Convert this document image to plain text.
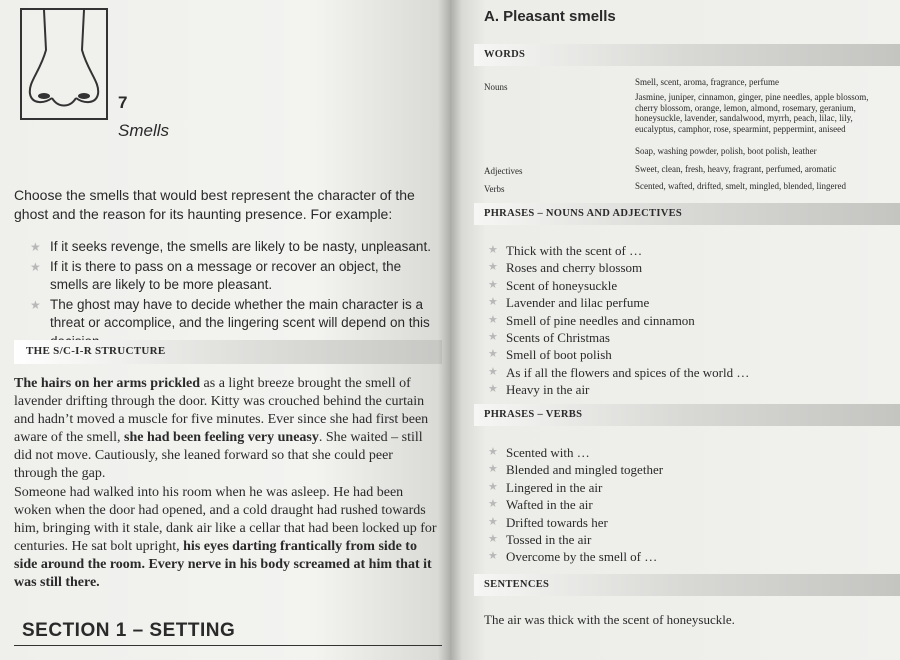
7
Smells
Choose the smells that would best represent the character of the ghost and the reason for its haunting presence. For example:
★ If it seeks revenge, the smells are likely to be nasty, unpleasant.
★ If it is there to pass on a message or recover an object, the smells are likely to be more pleasant.
★ The ghost may have to decide whether the main character is a threat or accomplice, and the lingering scent will depend on this
THE S/C-I-R STRUCTURE

The hairs on her arms prickled as a light breeze brought the smell of lavender drifting through the door. Kitty was crouched behind the curtain and hadn’t moved a muscle for five minutes. Ever since she had first been aware of the smell, she had been feeling very uneasy. She waited – still did not move. Cautiously, she leaned forward so that she could peer through the gap.

Someone had walked into his room when he was asleep. He had been woken when the door had opened, and a cold draught had rushed towards him, bringing with it stale, dank air like a cellar that had been locked up for centuries. He sat bolt upright, his eyes darting frantically from side to side around the room. Every nerve in his body screamed at him that it was still there.

SECTION 1 – SETTING
A. Pleasant smells
WORDS
Nouns	Smell, scent, aroma, fragrance, perfume
Jasmine, juniper, cinnamon, ginger, pine needles, apple blossom, cherry blossom, orange, lemon, almond, rosemary, geranium, honeysuckle, lavender, sandalwood, myrrh, peach, lilac, lily, eucalyptus, camphor, rose, spearmint, peppermint, aniseed
Soap, washing powder, polish, boot polish, leather
Adjectives	Sweet, clean, fresh, heavy, fragrant, perfumed, aromatic
Verbs	Scented, wafted, drifted, smelt, mingled, blended, lingered
PHRASES – NOUNS AND ADJECTIVES
★ Thick with the scent of …
★ Roses and cherry blossom
★ Scent of honeysuckle
★ Lavender and lilac perfume
★ Smell of pine needles and cinnamon
★ Scents of Christmas
★ Smell of boot polish
★ As if all the flowers and spices of the world …
★ Heavy in the air
PHRASES – VERBS
★ Scented with …
★ Blended and mingled together
★ Lingered in the air
★ Wafted in the air
★ Drifted towards her
★ Tossed in the air
★ Overcome by the smell of …
SENTENCES
The air was thick with the scent of honeysuckle.
